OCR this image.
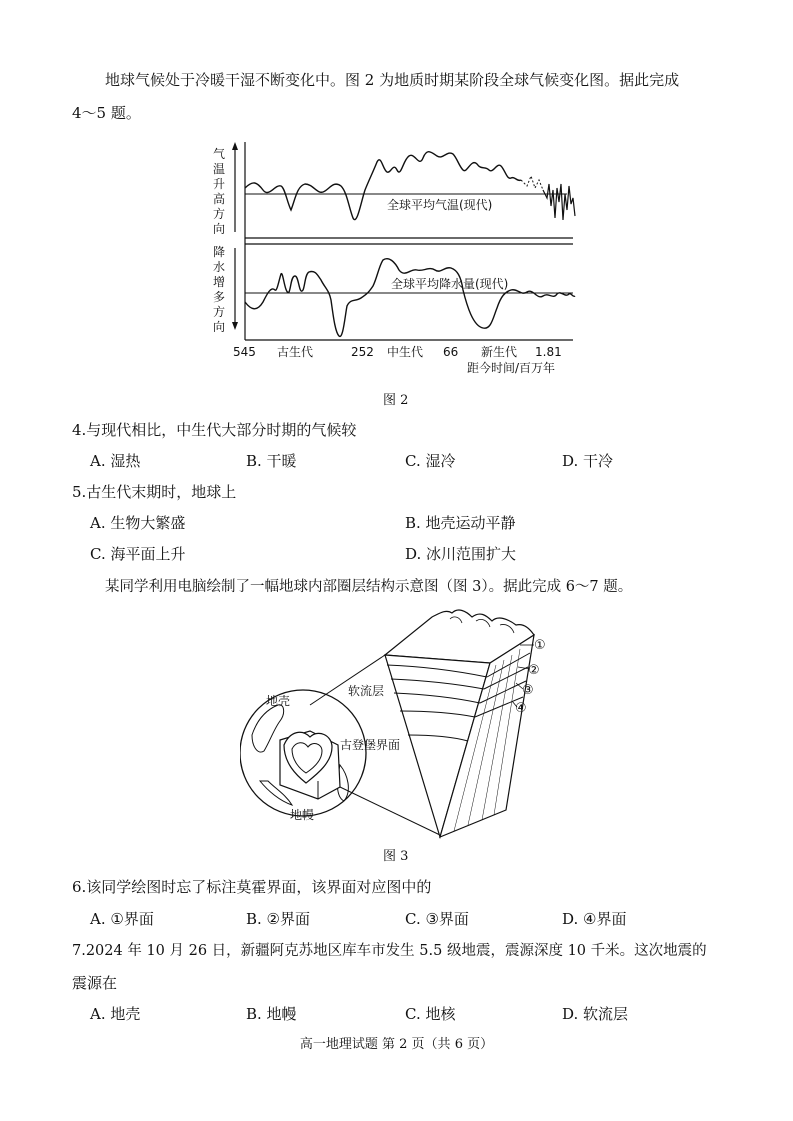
地球气候处于冷暖干湿不断变化中。图 2 为地质时期某阶段全球气候变化图。据此完成
4～5 题。
气
温
升
高
方
向
降
水
增
多
方
向
全球平均气温(现代)
全球平均降水量(现代)
545	252	66	1.81
古生代	中生代	新生代
距今时间/百万年
图 2
4.与现代相比，中生代大部分时期的气候较
A. 湿热	B. 干暖	C. 湿冷	D. 干冷
5.古生代末期时，地球上
A. 生物大繁盛	B. 地壳运动平静
C. 海平面上升	D. 冰川范围扩大
某同学利用电脑绘制了一幅地球内部圈层结构示意图（图 3）。据此完成 6～7 题。
①
②
③
④
软流层
古登堡界面
地壳
地幔
图 3
6.该同学绘图时忘了标注莫霍界面，该界面对应图中的
A. ①界面	B. ②界面	C. ③界面	D. ④界面
7.2024 年 10 月 26 日，新疆阿克苏地区库车市发生 5.5 级地震，震源深度 10 千米。这次地震的
震源在
A. 地壳	B. 地幔	C. 地核	D. 软流层
高一地理试题 第 2 页（共 6 页）
